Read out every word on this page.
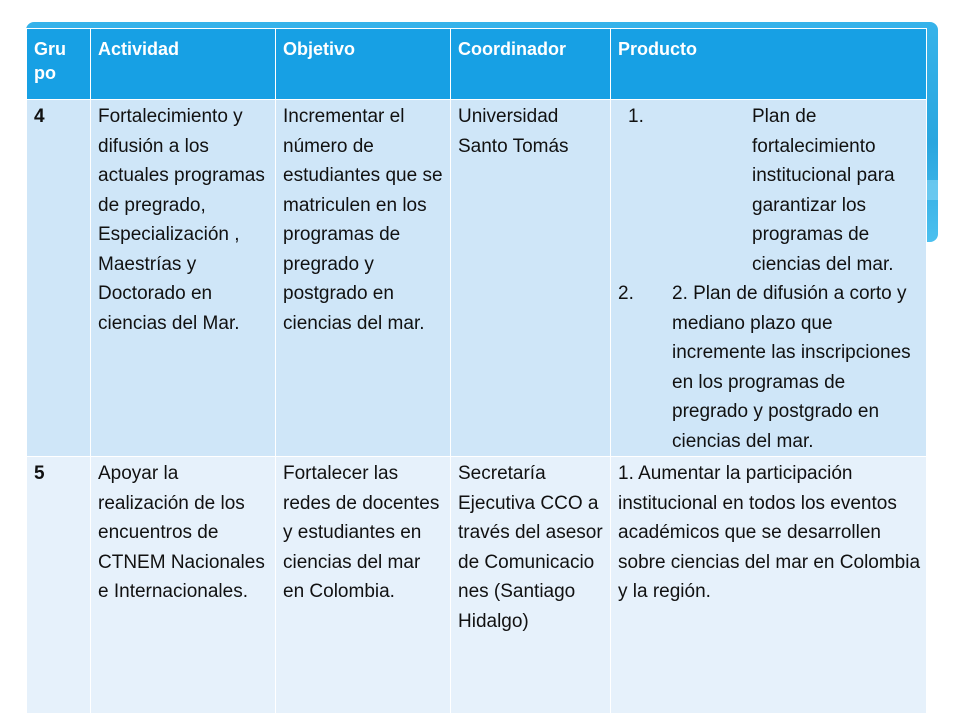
Gru po	Actividad	Objetivo	Coordinador	Producto
4	Fortalecimiento y difusión a los actuales programas de pregrado, Especialización , Maestrías y Doctorado en ciencias del Mar.	Incrementar el número de estudiantes que se matriculen en los programas de pregrado y postgrado en ciencias del mar.	Universidad Santo Tomás	1. Plan de fortalecimiento institucional para garantizar los programas de ciencias del mar.
2. 2. Plan de difusión a corto y mediano plazo que incremente las inscripciones en los programas de pregrado y postgrado en ciencias del mar.

5	Apoyar la realización de los encuentros de CTNEM Nacionales e Internacionales.	Fortalecer las redes de docentes y estudiantes en ciencias del mar en Colombia.	Secretaría Ejecutiva CCO a través del asesor de Comunicacio nes (Santiago Hidalgo)	1. Aumentar la participación institucional en todos los eventos académicos que se desarrollen sobre ciencias del mar en Colombia y la región.
